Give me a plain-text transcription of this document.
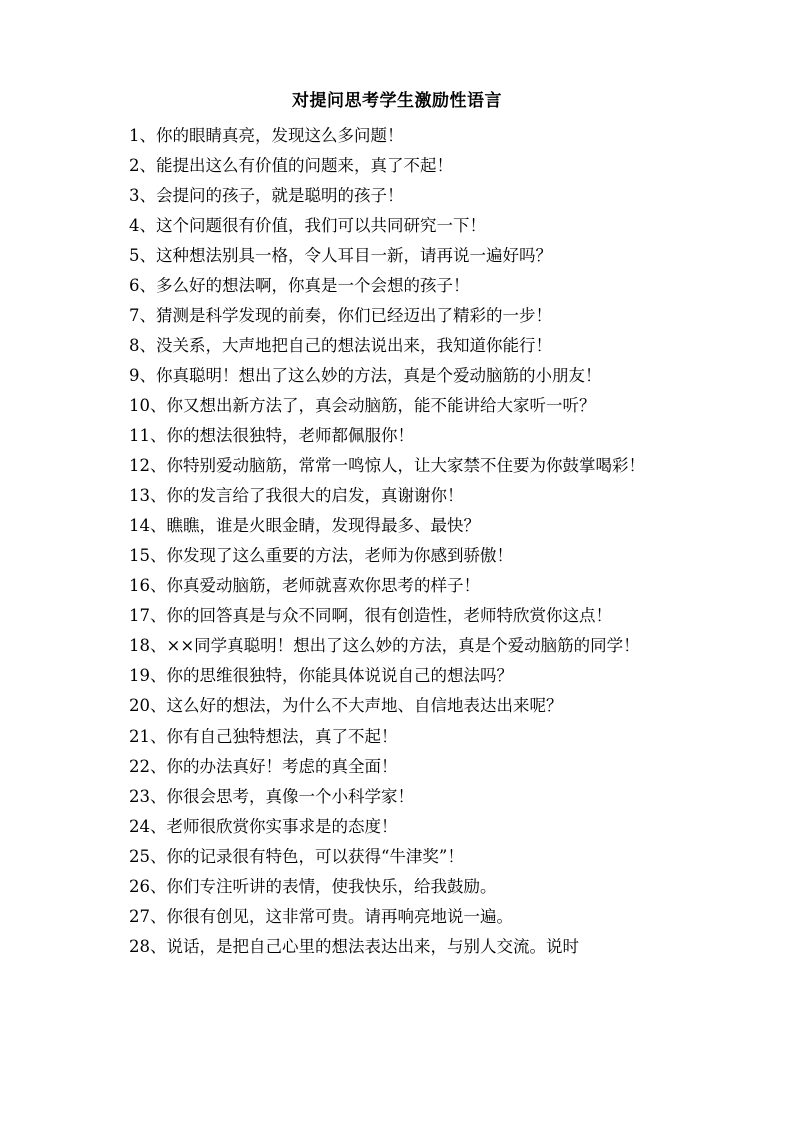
对提问思考学生激励性语言

1、你的眼睛真亮，发现这么多问题！

2、能提出这么有价值的问题来，真了不起！

3、会提问的孩子，就是聪明的孩子！

4、这个问题很有价值，我们可以共同研究一下！

5、这种想法别具一格，令人耳目一新，请再说一遍好吗？

6、多么好的想法啊，你真是一个会想的孩子！

7、猜测是科学发现的前奏，你们已经迈出了精彩的一步！

8、没关系，大声地把自己的想法说出来，我知道你能行！

9、你真聪明！想出了这么妙的方法，真是个爱动脑筋的小朋友！

10、你又想出新方法了，真会动脑筋，能不能讲给大家听一听？

11、你的想法很独特，老师都佩服你！

12、你特别爱动脑筋，常常一鸣惊人，让大家禁不住要为你鼓掌喝彩！

13、你的发言给了我很大的启发，真谢谢你！

14、瞧瞧，谁是火眼金睛，发现得最多、最快？

15、你发现了这么重要的方法，老师为你感到骄傲！

16、你真爱动脑筋，老师就喜欢你思考的样子！

17、你的回答真是与众不同啊，很有创造性，老师特欣赏你这点！

18、××同学真聪明！想出了这么妙的方法，真是个爱动脑筋的同学！

19、你的思维很独特，你能具体说说自己的想法吗？

20、这么好的想法，为什么不大声地、自信地表达出来呢？

21、你有自己独特想法，真了不起！

22、你的办法真好！考虑的真全面！

23、你很会思考，真像一个小科学家！

24、老师很欣赏你实事求是的态度！

25、你的记录很有特色，可以获得“牛津奖”！

26、你们专注听讲的表情，使我快乐，给我鼓励。

27、你很有创见，这非常可贵。请再响亮地说一遍。

28、说话，是把自己心里的想法表达出来，与别人交流。说时
